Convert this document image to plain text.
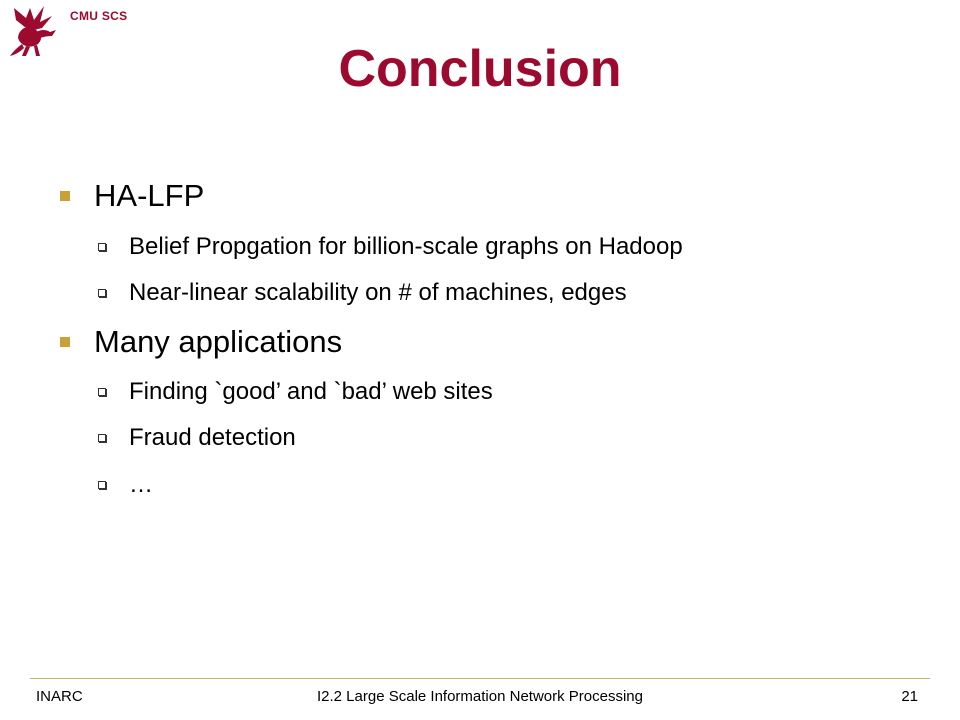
CMU SCS
Conclusion
HA-LFP
Belief Propgation for billion-scale graphs on Hadoop
Near-linear scalability on # of machines, edges
Many applications
Finding `good’ and `bad’ web sites
Fraud detection
…
INARC	I2.2 Large Scale Information Network Processing	21
